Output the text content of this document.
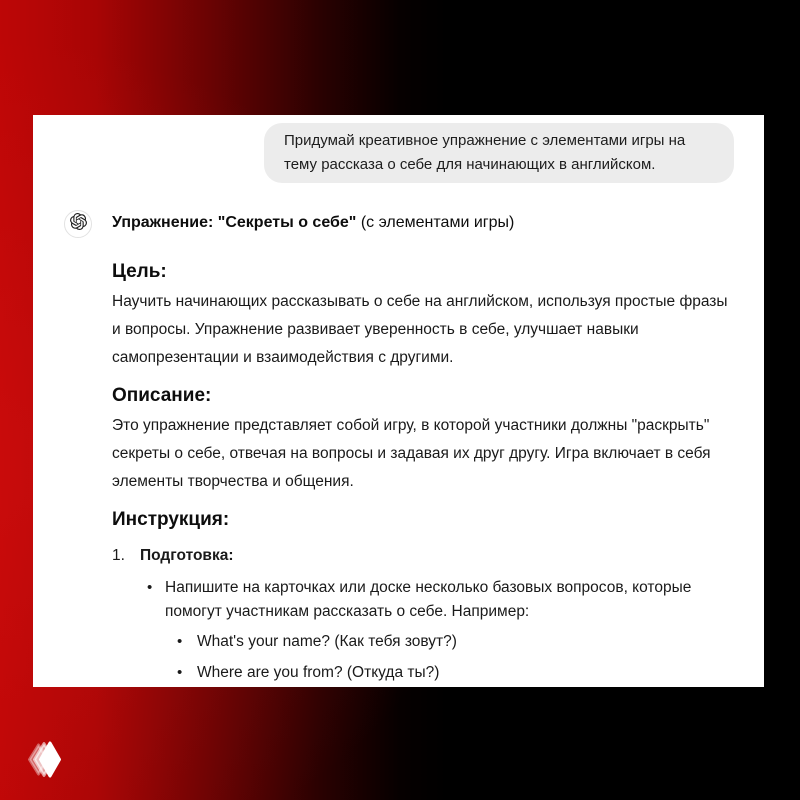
Придумай креативное упражнение с элементами игры на тему рассказа о себе для начинающих в английском.
Упражнение: "Секреты о себе" (с элементами игры)
Цель:

Научить начинающих рассказывать о себе на английском, используя простые фразы и вопросы. Упражнение развивает уверенность в себе, улучшает навыки самопрезентации и взаимодействия с другими.

Описание:

Это упражнение представляет собой игру, в которой участники должны "раскрыть" секреты о себе, отвечая на вопросы и задавая их друг другу. Игра включает в себя элементы творчества и общения.

Инструкция:
1. Подготовка:
• Напишите на карточках или доске несколько базовых вопросов, которые помогут участникам рассказать о себе. Например:
• What's your name? (Как тебя зовут?)
• Where are you from? (Откуда ты?)
